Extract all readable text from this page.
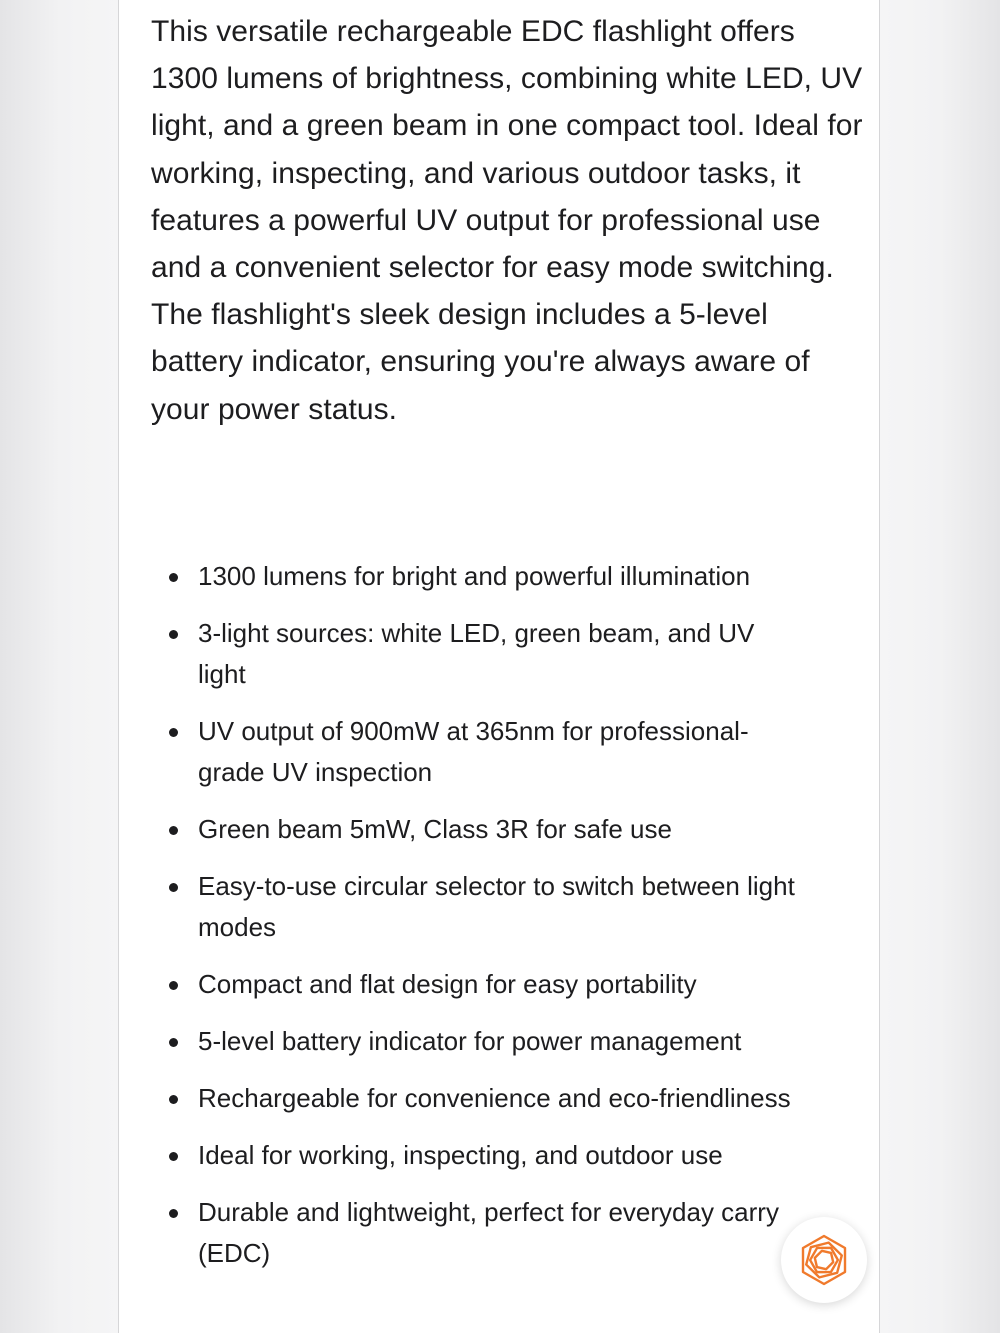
This versatile rechargeable EDC flashlight offers 1300 lumens of brightness, combining white LED, UV light, and a green beam in one compact tool. Ideal for working, inspecting, and various outdoor tasks, it features a powerful UV output for professional use and a convenient selector for easy mode switching. The flashlight's sleek design includes a 5-level battery indicator, ensuring you're always aware of your power status.

1300 lumens for bright and powerful illumination
3-light sources: white LED, green beam, and UV light
UV output of 900mW at 365nm for professional-grade UV inspection
Green beam 5mW, Class 3R for safe use
Easy-to-use circular selector to switch between light modes
Compact and flat design for easy portability
5-level battery indicator for power management
Rechargeable for convenience and eco-friendliness
Ideal for working, inspecting, and outdoor use
Durable and lightweight, perfect for everyday carry (EDC)
